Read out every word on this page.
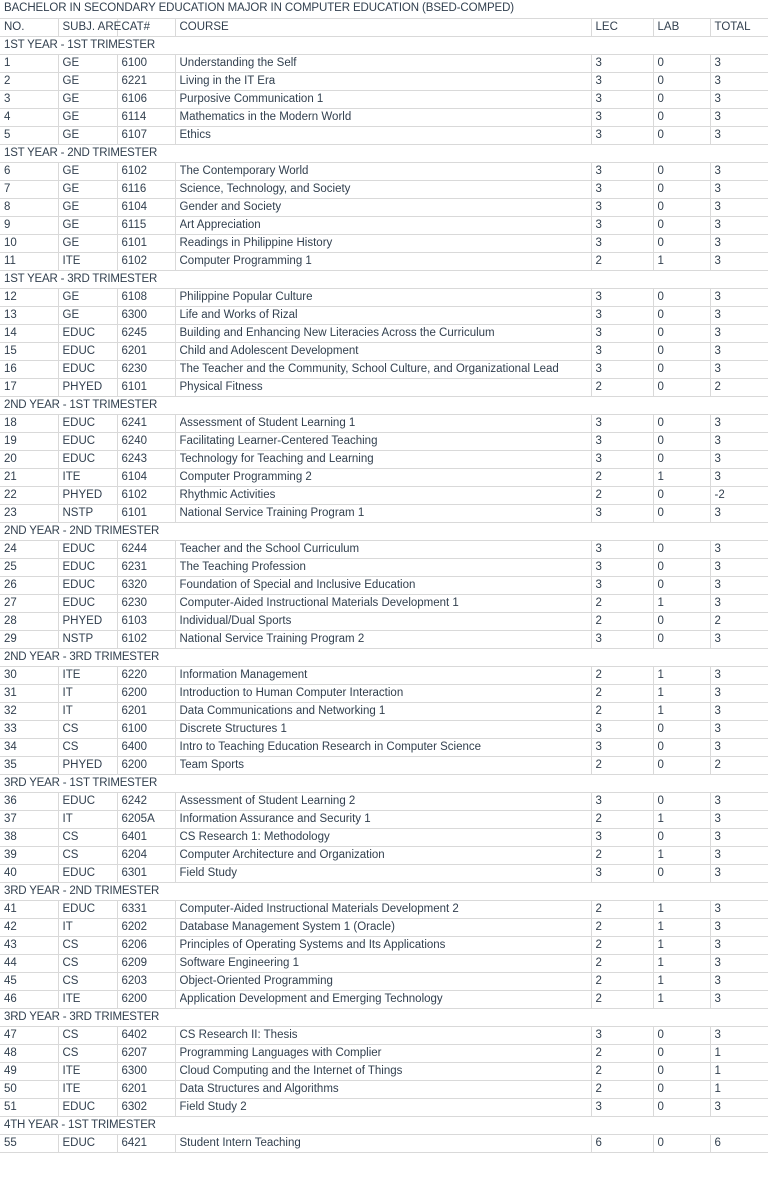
BACHELOR IN SECONDARY EDUCATION MAJOR IN COMPUTER EDUCATION (BSED-COMPED)						
NO.	SUBJ. ARE	CAT#	COURSE	LEC	LAB	TOTAL
1ST YEAR - 1ST TRIMESTER						
1	GE	6100	Understanding the Self	3	0	3
2	GE	6221	Living in the IT Era	3	0	3
3	GE	6106	Purposive Communication 1	3	0	3
4	GE	6114	Mathematics in the Modern World	3	0	3
5	GE	6107	Ethics	3	0	3
1ST YEAR - 2ND TRIMESTER						
6	GE	6102	The Contemporary World	3	0	3
7	GE	6116	Science, Technology, and Society	3	0	3
8	GE	6104	Gender and Society	3	0	3
9	GE	6115	Art Appreciation	3	0	3
10	GE	6101	Readings in Philippine History	3	0	3
11	ITE	6102	Computer Programming 1	2	1	3
1ST YEAR - 3RD TRIMESTER						
12	GE	6108	Philippine Popular Culture	3	0	3
13	GE	6300	Life and Works of Rizal	3	0	3
14	EDUC	6245	Building and Enhancing New Literacies Across the Curriculum	3	0	3
15	EDUC	6201	Child and Adolescent Development	3	0	3
16	EDUC	6230	The Teacher and the Community, School Culture, and Organizational Lead	3	0	3
17	PHYED	6101	Physical Fitness	2	0	2
2ND YEAR - 1ST TRIMESTER						
18	EDUC	6241	Assessment of Student Learning 1	3	0	3
19	EDUC	6240	Facilitating Learner-Centered Teaching	3	0	3
20	EDUC	6243	Technology for Teaching and Learning	3	0	3
21	ITE	6104	Computer Programming 2	2	1	3
22	PHYED	6102	Rhythmic Activities	2	0	-2
23	NSTP	6101	National Service Training Program 1	3	0	3
2ND YEAR - 2ND TRIMESTER						
24	EDUC	6244	Teacher and the School Curriculum	3	0	3
25	EDUC	6231	The Teaching Profession	3	0	3
26	EDUC	6320	Foundation of Special and Inclusive Education	3	0	3
27	EDUC	6230	Computer-Aided Instructional Materials Development 1	2	1	3
28	PHYED	6103	Individual/Dual Sports	2	0	2
29	NSTP	6102	National Service Training Program 2	3	0	3
2ND YEAR - 3RD TRIMESTER						
30	ITE	6220	Information Management	2	1	3
31	IT	6200	Introduction to Human Computer Interaction	2	1	3
32	IT	6201	Data Communications and Networking 1	2	1	3
33	CS	6100	Discrete Structures 1	3	0	3
34	CS	6400	Intro to Teaching Education Research in Computer Science	3	0	3
35	PHYED	6200	Team Sports	2	0	2
3RD YEAR - 1ST TRIMESTER						
36	EDUC	6242	Assessment of Student Learning 2	3	0	3
37	IT	6205A	Information Assurance and Security 1	2	1	3
38	CS	6401	CS Research 1: Methodology	3	0	3
39	CS	6204	Computer Architecture and Organization	2	1	3
40	EDUC	6301	Field Study	3	0	3
3RD YEAR - 2ND TRIMESTER						
41	EDUC	6331	Computer-Aided Instructional Materials Development 2	2	1	3
42	IT	6202	Database Management System 1 (Oracle)	2	1	3
43	CS	6206	Principles of Operating Systems and Its Applications	2	1	3
44	CS	6209	Software Engineering 1	2	1	3
45	CS	6203	Object-Oriented Programming	2	1	3
46	ITE	6200	Application Development and Emerging Technology	2	1	3
3RD YEAR - 3RD TRIMESTER						
47	CS	6402	CS Research II: Thesis	3	0	3
48	CS	6207	Programming Languages with Complier	2	0	1
49	ITE	6300	Cloud Computing and the Internet of Things	2	0	1
50	ITE	6201	Data Structures and Algorithms	2	0	1
51	EDUC	6302	Field Study 2	3	0	3
4TH YEAR - 1ST TRIMESTER						
55	EDUC	6421	Student Intern Teaching	6	0	6
